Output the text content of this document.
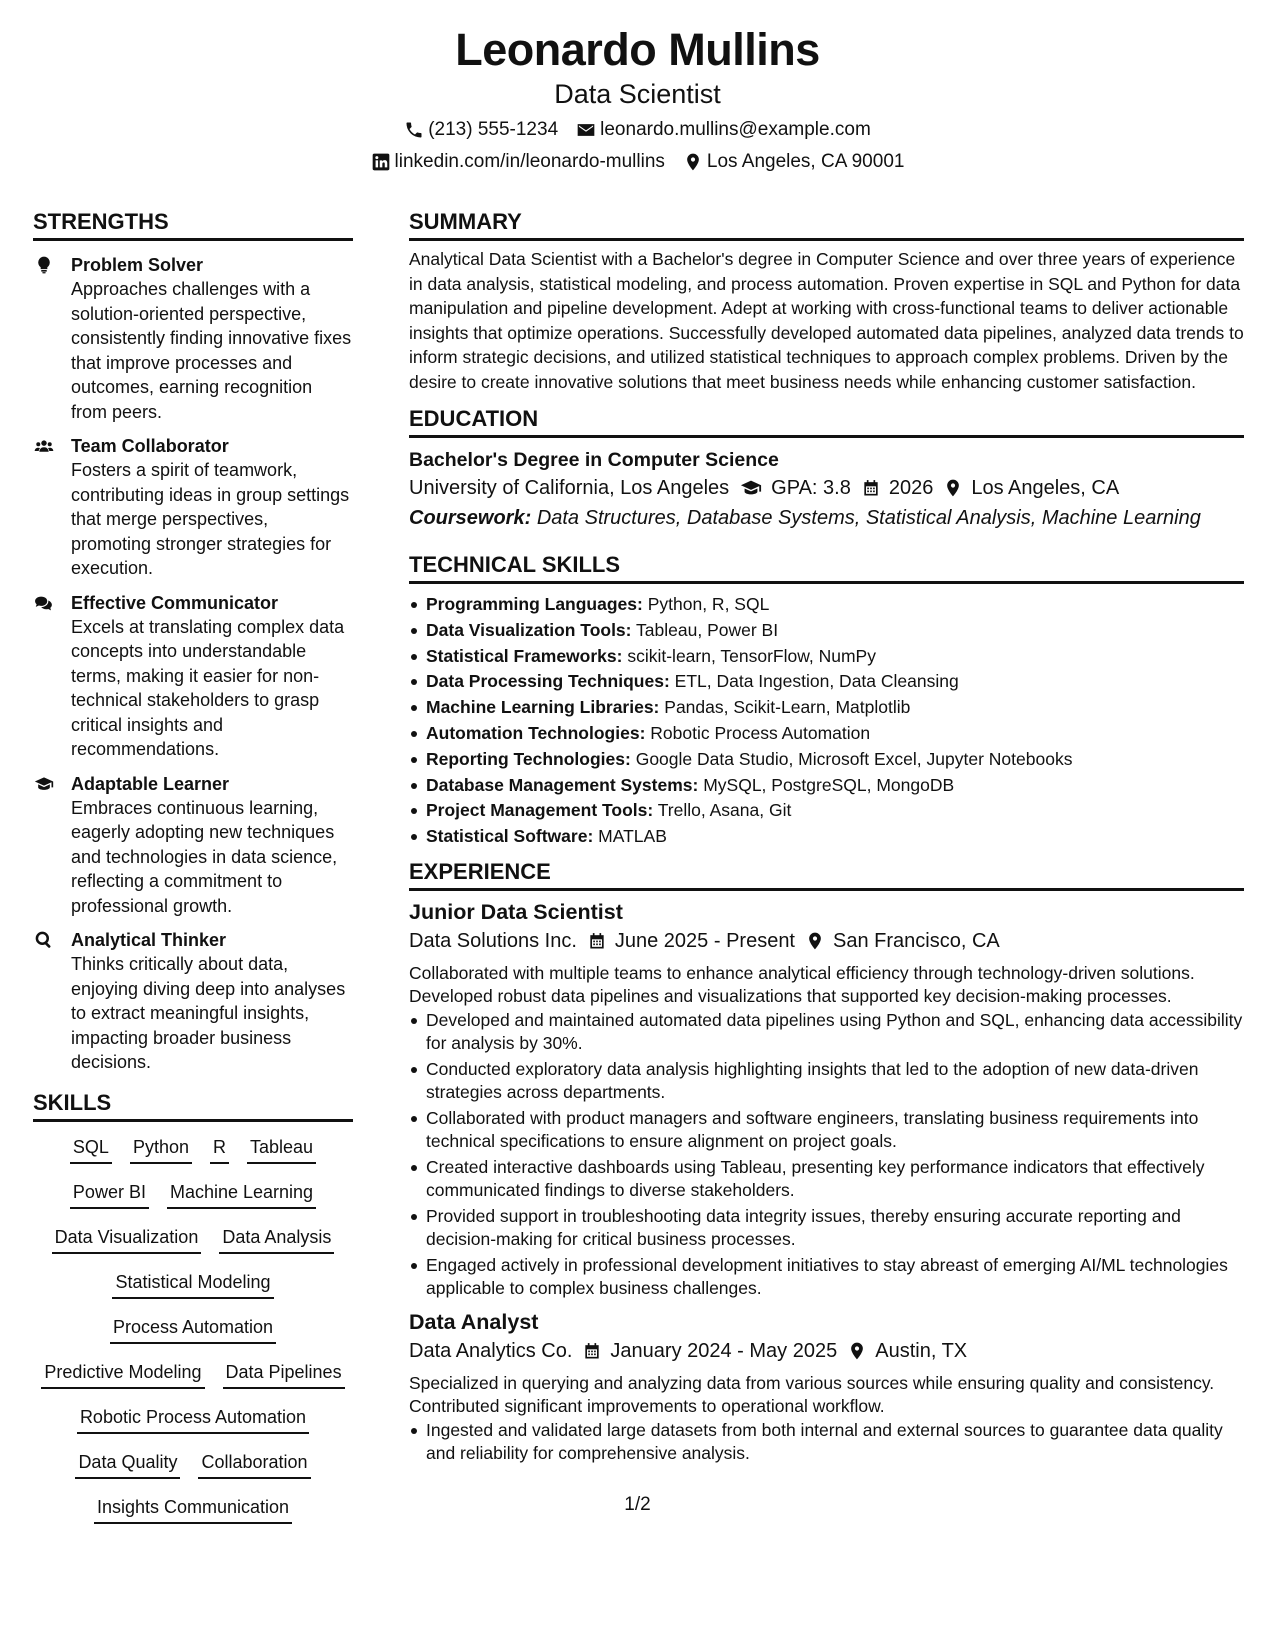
Leonardo Mullins
Data Scientist
(213) 555-1234 leonardo.mullins@example.com
linkedin.com/in/leonardo-mullins Los Angeles, CA 90001
STRENGTHS
Problem Solver
Approaches challenges with a solution-oriented perspective, consistently finding innovative fixes that improve processes and outcomes, earning recognition from peers.
Team Collaborator
Fosters a spirit of teamwork, contributing ideas in group settings that merge perspectives, promoting stronger strategies for execution.
Effective Communicator
Excels at translating complex data concepts into understandable terms, making it easier for non-technical stakeholders to grasp critical insights and recommendations.
Adaptable Learner
Embraces continuous learning, eagerly adopting new techniques and technologies in data science, reflecting a commitment to professional growth.
Analytical Thinker
Thinks critically about data, enjoying diving deep into analyses to extract meaningful insights, impacting broader business decisions.
SKILLS
SQL Python R Tableau
Power BI Machine Learning
Data Visualization Data Analysis
Statistical Modeling
Process Automation
Predictive Modeling Data Pipelines
Robotic Process Automation
Data Quality Collaboration
Insights Communication
SUMMARY
Analytical Data Scientist with a Bachelor's degree in Computer Science and over three years of experience in data analysis, statistical modeling, and process automation. Proven expertise in SQL and Python for data manipulation and pipeline development. Adept at working with cross-functional teams to deliver actionable insights that optimize operations. Successfully developed automated data pipelines, analyzed data trends to inform strategic decisions, and utilized statistical techniques to approach complex problems. Driven by the desire to create innovative solutions that meet business needs while enhancing customer satisfaction.
EDUCATION
Bachelor's Degree in Computer Science
University of California, Los Angeles GPA: 3.8 2026 Los Angeles, CA
Coursework: Data Structures, Database Systems, Statistical Analysis, Machine Learning
TECHNICAL SKILLS
Programming Languages: Python, R, SQL
Data Visualization Tools: Tableau, Power BI
Statistical Frameworks: scikit-learn, TensorFlow, NumPy
Data Processing Techniques: ETL, Data Ingestion, Data Cleansing
Machine Learning Libraries: Pandas, Scikit-Learn, Matplotlib
Automation Technologies: Robotic Process Automation
Reporting Technologies: Google Data Studio, Microsoft Excel, Jupyter Notebooks
Database Management Systems: MySQL, PostgreSQL, MongoDB
Project Management Tools: Trello, Asana, Git
Statistical Software: MATLAB
EXPERIENCE
Junior Data Scientist
Data Solutions Inc. June 2025 - Present San Francisco, CA
Collaborated with multiple teams to enhance analytical efficiency through technology-driven solutions. Developed robust data pipelines and visualizations that supported key decision-making processes.
Developed and maintained automated data pipelines using Python and SQL, enhancing data accessibility for analysis by 30%.
Conducted exploratory data analysis highlighting insights that led to the adoption of new data-driven strategies across departments.
Collaborated with product managers and software engineers, translating business requirements into technical specifications to ensure alignment on project goals.
Created interactive dashboards using Tableau, presenting key performance indicators that effectively communicated findings to diverse stakeholders.
Provided support in troubleshooting data integrity issues, thereby ensuring accurate reporting and decision-making for critical business processes.
Engaged actively in professional development initiatives to stay abreast of emerging AI/ML technologies applicable to complex business challenges.
Data Analyst
Data Analytics Co. January 2024 - May 2025 Austin, TX
Specialized in querying and analyzing data from various sources while ensuring quality and consistency. Contributed significant improvements to operational workflow.
Ingested and validated large datasets from both internal and external sources to guarantee data quality and reliability for comprehensive analysis.
1/2
